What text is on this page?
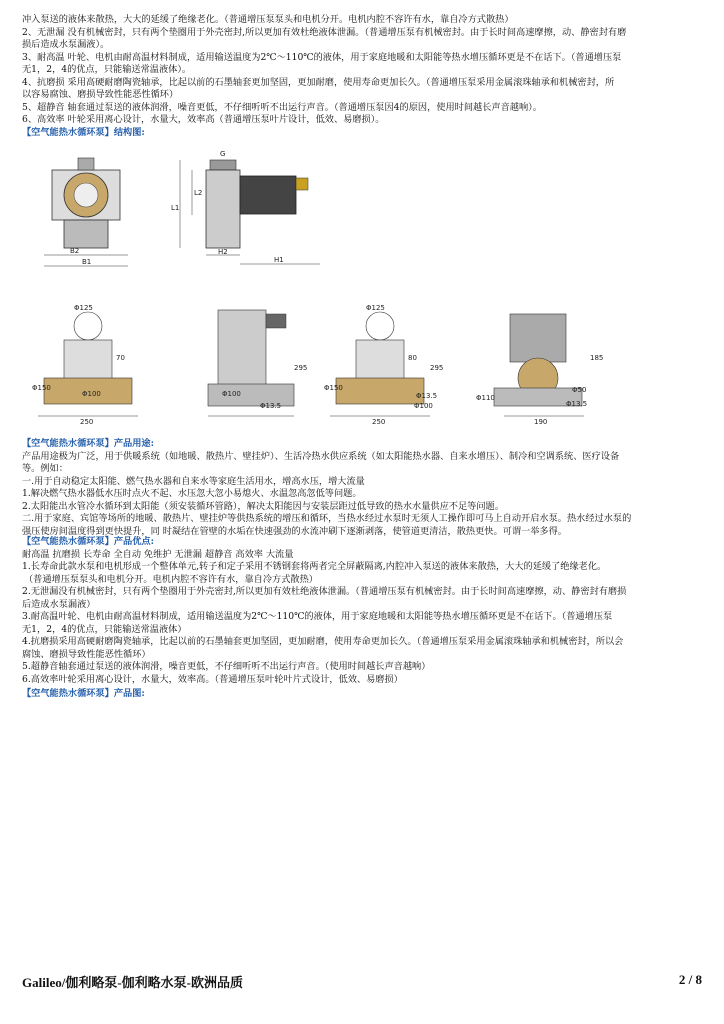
冲入泵送的液体来散热，大大的延缓了绝缘老化。（普通增压泵泵头和电机分开。电机内腔不容许有水，靠自冷方式散热）

2、无泄漏 没有机械密封，只有两个垫圈用于外壳密封,所以更加有效杜绝液体泄漏。（普通增压泵有机械密封。由于长时间高速摩擦，动、静密封有磨

损后造成水泵漏液）。

3、耐高温 叶轮、电机由耐高温材料制成，适用输送温度为2℃～110℃的液体，用于家庭地暖和太阳能等热水增压循环更是不在话下。（普通增压泵

无1，2，4的优点，只能输送常温液体）。

4、抗磨损 采用高硬耐磨陶瓷轴承，比起以前的石墨轴套更加坚固，更加耐磨，使用寿命更加长久。（普通增压泵采用金属滚珠轴承和机械密封，所

以容易腐蚀、磨损导致性能恶性循环）

5、超静音 轴套通过泵送的液体润滑，噪音更低，不仔细听听不出运行声音。（普通增压泵因4的原因，使用时间越长声音越响）。

6、高效率 叶轮采用离心设计，水量大，效率高（普通增压泵叶片设计，低效、易磨损）。

【空气能热水循环泵】结构图:

B2
B1
L1
L2
G
H2
H1
Φ125
Φ150
Φ100
250
70
Φ100
Φ13.5
295
Φ125
Φ150
Φ100
250
80
295
Φ13.5
Φ50
Φ110
Φ13.5
190
185

【空气能热水循环泵】产品用途:

产品用途极为广泛，用于供暖系统（如地暖、散热片、壁挂炉）、生活冷热水供应系统（如太阳能热水器、自来水增压）、制冷和空调系统、医疗设备

等。例如：

一.用于自动稳定太阳能、燃气热水器和自来水等家庭生活用水，增高水压，增大流量

1.解决燃气热水器低水压时点火不起、水压忽大忽小易熄火、水温忽高忽低等问题。

2.太阳能出水管冷水循环到太阳能（须安装循环管路），解决太阳能因与安装层距过低导致的热水水量供应不足等问题。

二.用于家庭、宾馆等场所的地暖、散热片、壁挂炉等供热系统的增压和循环，当热水经过水泵时无须人工操作即可马上自动开启水泵。热水经过水泵的

强压使房间温度得到更快提升，同 时凝结在管壁的水垢在快速强劲的水流冲刷下逐渐剥落，使管道更清洁，散热更快。可谓一举多得。

【空气能热水循环泵】产品优点:

耐高温 抗磨损 长寿命 全自动 免维护 无泄漏 超静音 高效率 大流量

1.长寿命此款水泵和电机形成一个整体单元,转子和定子采用不锈钢套将两者完全屏蔽隔离,内腔冲入泵送的液体来散热，大大的延缓了绝缘老化。

（普通增压泵泵头和电机分开。电机内腔不容许有水，靠自冷方式散热）

2.无泄漏没有机械密封，只有两个垫圈用于外壳密封,所以更加有效杜绝液体泄漏。（普通增压泵有机械密封。由于长时间高速摩擦，动、静密封有磨损

后造成水泵漏液）

3.耐高温叶轮、电机由耐高温材料制成，适用输送温度为2℃～110℃的液体，用于家庭地暖和太阳能等热水增压循环更是不在话下。（普通增压泵

无1，2，4的优点，只能输送常温液体）

4.抗磨损采用高硬耐磨陶瓷轴承，比起以前的石墨轴套更加坚固，更加耐磨，使用寿命更加长久。（普通增压泵采用金属滚珠轴承和机械密封，所以会

腐蚀、磨损导致性能恶性循环）

5.超静音轴套通过泵送的液体润滑，噪音更低，不仔细听听不出运行声音。（使用时间越长声音越响）

6.高效率叶轮采用离心设计，水量大，效率高。（普通增压泵叶轮叶片式设计，低效、易磨损）

【空气能热水循环泵】产品图:

Galileo/伽利略泵-伽利略水泵-欧洲品质	2 / 8
